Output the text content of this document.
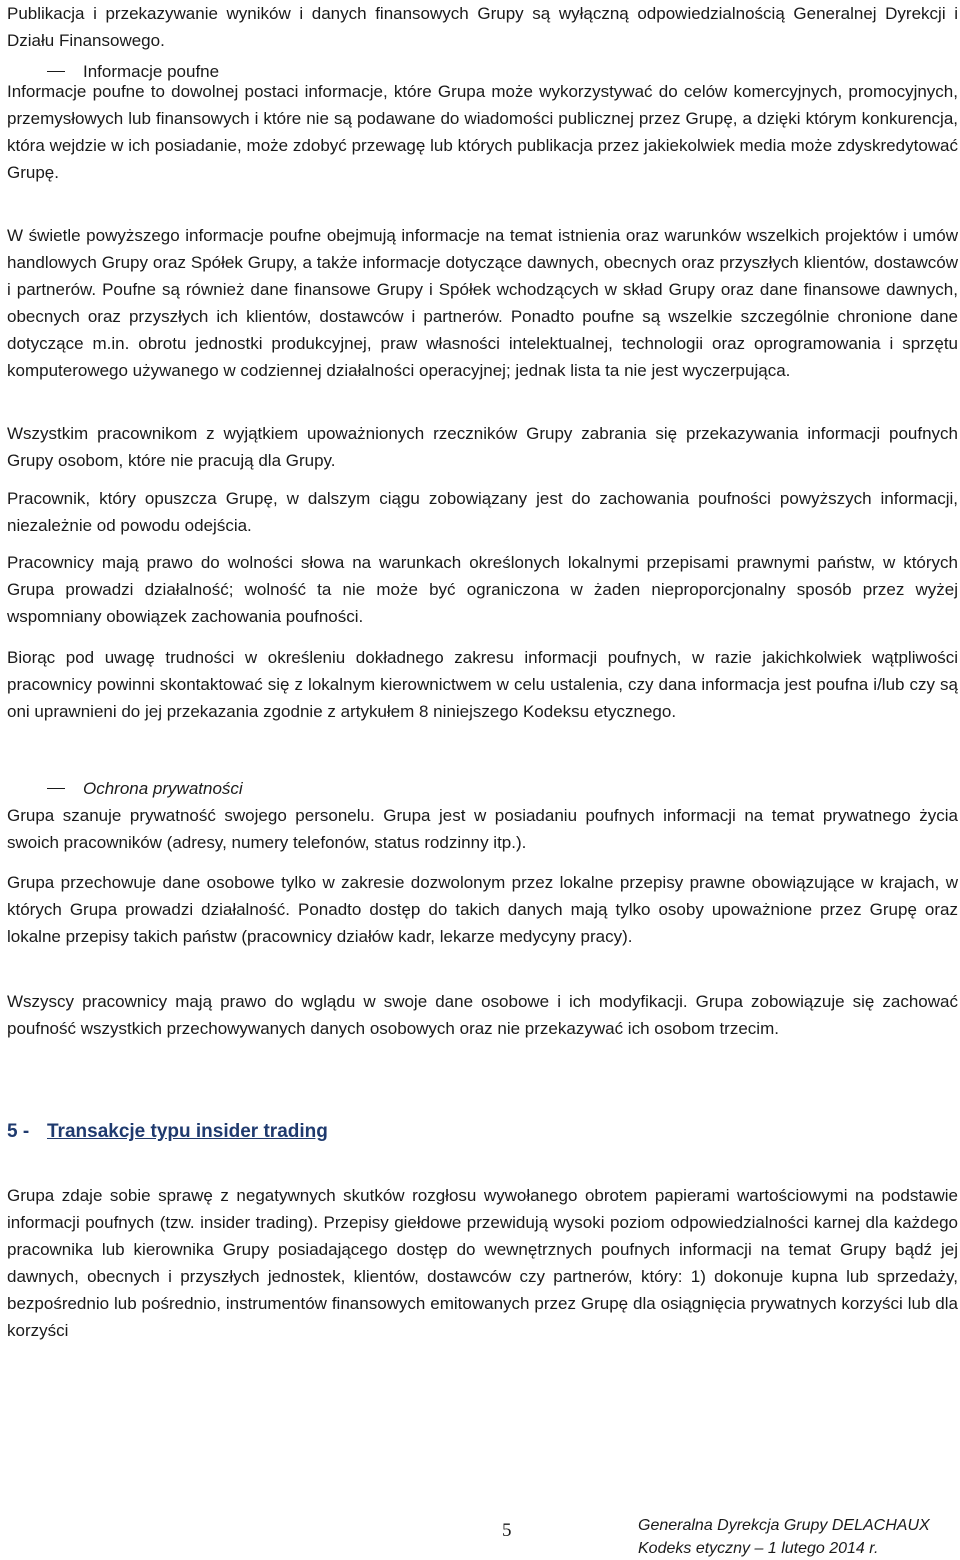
Publikacja i przekazywanie wyników i danych finansowych Grupy są wyłączną odpowiedzialnością Generalnej Dyrekcji i Działu Finansowego.

Informacje poufne

Informacje poufne to dowolnej postaci informacje, które Grupa może wykorzystywać do celów komercyjnych, promocyjnych, przemysłowych lub finansowych i które nie są podawane do wiadomości publicznej przez Grupę, a dzięki którym konkurencja, która wejdzie w ich posiadanie, może zdobyć przewagę lub których publikacja przez jakiekolwiek media może zdyskredytować Grupę.

W świetle powyższego informacje poufne obejmują informacje na temat istnienia oraz warunków wszelkich projektów i umów handlowych Grupy oraz Spółek Grupy, a także informacje dotyczące dawnych, obecnych oraz przyszłych klientów, dostawców i partnerów. Poufne są również dane finansowe Grupy i Spółek wchodzących w skład Grupy oraz dane finansowe dawnych, obecnych oraz przyszłych ich klientów, dostawców i partnerów. Ponadto poufne są wszelkie szczególnie chronione dane dotyczące m.in. obrotu jednostki produkcyjnej, praw własności intelektualnej, technologii oraz oprogramowania i sprzętu komputerowego używanego w codziennej działalności operacyjnej; jednak lista ta nie jest wyczerpująca.

Wszystkim pracownikom z wyjątkiem upoważnionych rzeczników Grupy zabrania się przekazywania informacji poufnych Grupy osobom, które nie pracują dla Grupy.

Pracownik, który opuszcza Grupę, w dalszym ciągu zobowiązany jest do zachowania poufności powyższych informacji, niezależnie od powodu odejścia.

Pracownicy mają prawo do wolności słowa na warunkach określonych lokalnymi przepisami prawnymi państw, w których Grupa prowadzi działalność; wolność ta nie może być ograniczona w żaden nieproporcjonalny sposób przez wyżej wspomniany obowiązek zachowania poufności.

Biorąc pod uwagę trudności w określeniu dokładnego zakresu informacji poufnych, w razie jakichkolwiek wątpliwości pracownicy powinni skontaktować się z lokalnym kierownictwem w celu ustalenia, czy dana informacja jest poufna i/lub czy są oni uprawnieni do jej przekazania zgodnie z artykułem 8 niniejszego Kodeksu etycznego.

Ochrona prywatności

Grupa szanuje prywatność swojego personelu. Grupa jest w posiadaniu poufnych informacji na temat prywatnego życia swoich pracowników (adresy, numery telefonów, status rodzinny itp.).

Grupa przechowuje dane osobowe tylko w zakresie dozwolonym przez lokalne przepisy prawne obowiązujące w krajach, w których Grupa prowadzi działalność. Ponadto dostęp do takich danych mają tylko osoby upoważnione przez Grupę oraz lokalne przepisy takich państw (pracownicy działów kadr, lekarze medycyny pracy).

Wszyscy pracownicy mają prawo do wglądu w swoje dane osobowe i ich modyfikacji. Grupa zobowiązuje się zachować poufność wszystkich przechowywanych danych osobowych oraz nie przekazywać ich osobom trzecim.

5 - Transakcje typu insider trading

Grupa zdaje sobie sprawę z negatywnych skutków rozgłosu wywołanego obrotem papierami wartościowymi na podstawie informacji poufnych (tzw. insider trading). Przepisy giełdowe przewidują wysoki poziom odpowiedzialności karnej dla każdego pracownika lub kierownika Grupy posiadającego dostęp do wewnętrznych poufnych informacji na temat Grupy bądź jej dawnych, obecnych i przyszłych jednostek, klientów, dostawców czy partnerów, który: 1) dokonuje kupna lub sprzedaży, bezpośrednio lub pośrednio, instrumentów finansowych emitowanych przez Grupę dla osiągnięcia prywatnych korzyści lub dla korzyści

5	Generalna Dyrekcja Grupy DELACHAUX
Kodeks etyczny – 1 lutego 2014 r.
